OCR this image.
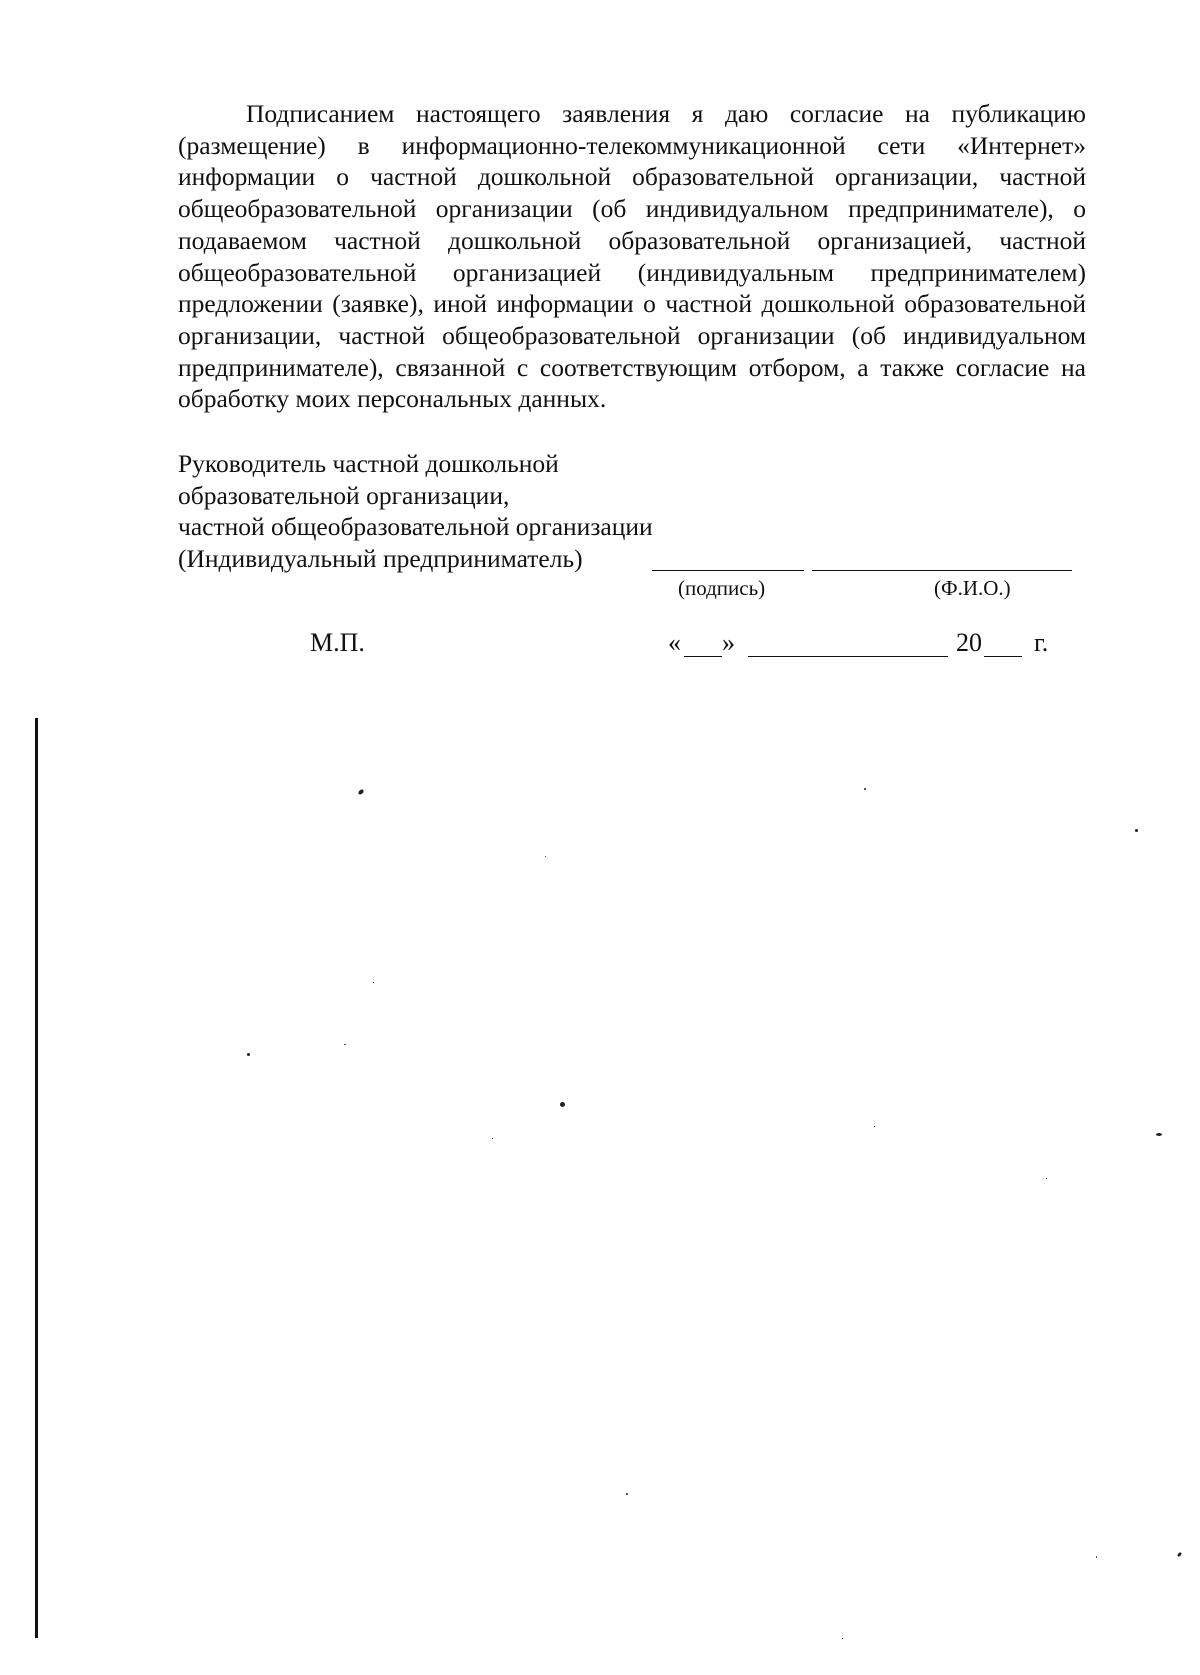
Подписанием настоящего заявления я даю согласие на публикацию (размещение) в информационно-телекоммуникационной сети «Интернет» информации о частной дошкольной образовательной организации, частной общеобразовательной организации (об индивидуальном предпринимателе), о подаваемом частной дошкольной образовательной организацией, частной общеобразовательной организацией (индивидуальным предпринимателем) предложении (заявке), иной информации о частной дошкольной образовательной организации, частной общеобразовательной организации (об индивидуальном предпринимателе), связанной с соответствующим отбором, а также согласие на обработку моих персональных данных.

Руководитель частной дошкольной
образовательной организации,
частной общеобразовательной организации
(Индивидуальный предприниматель)
(подпись)	(Ф.И.О.)
М.П.	« »	20 г.
